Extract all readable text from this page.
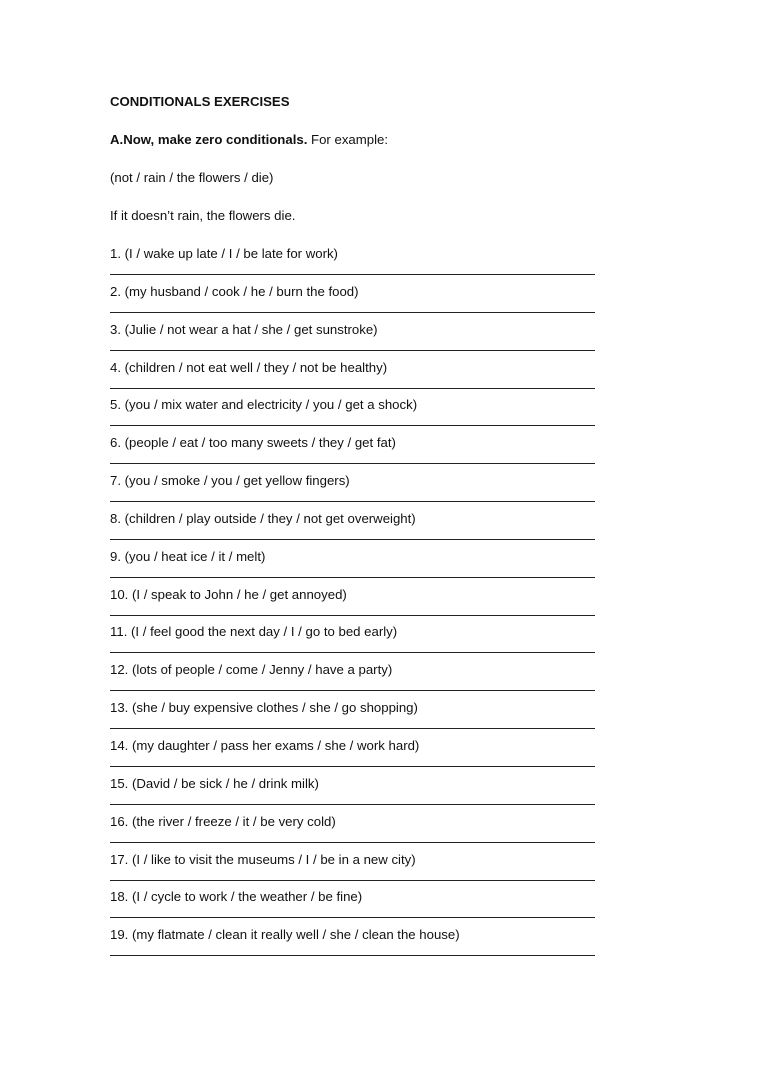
CONDITIONALS EXERCISES
A.Now, make zero conditionals. For example:
(not / rain / the flowers / die)
If it doesn’t rain, the flowers die.
1. (I / wake up late / I / be late for work)
2. (my husband / cook / he / burn the food)
3. (Julie / not wear a hat / she / get sunstroke)
4. (children / not eat well / they / not be healthy)
5. (you / mix water and electricity / you / get a shock)
6. (people / eat / too many sweets / they / get fat)
7. (you / smoke / you / get yellow fingers)
8. (children / play outside / they / not get overweight)
9. (you / heat ice / it / melt)
10. (I / speak to John / he / get annoyed)
11. (I / feel good the next day / I / go to bed early)
12. (lots of people / come / Jenny / have a party)
13. (she / buy expensive clothes / she / go shopping)
14. (my daughter / pass her exams / she / work hard)
15. (David / be sick / he / drink milk)
16. (the river / freeze / it / be very cold)
17. (I / like to visit the museums / I / be in a new city)
18. (I / cycle to work / the weather / be fine)
19. (my flatmate / clean it really well / she / clean the house)
